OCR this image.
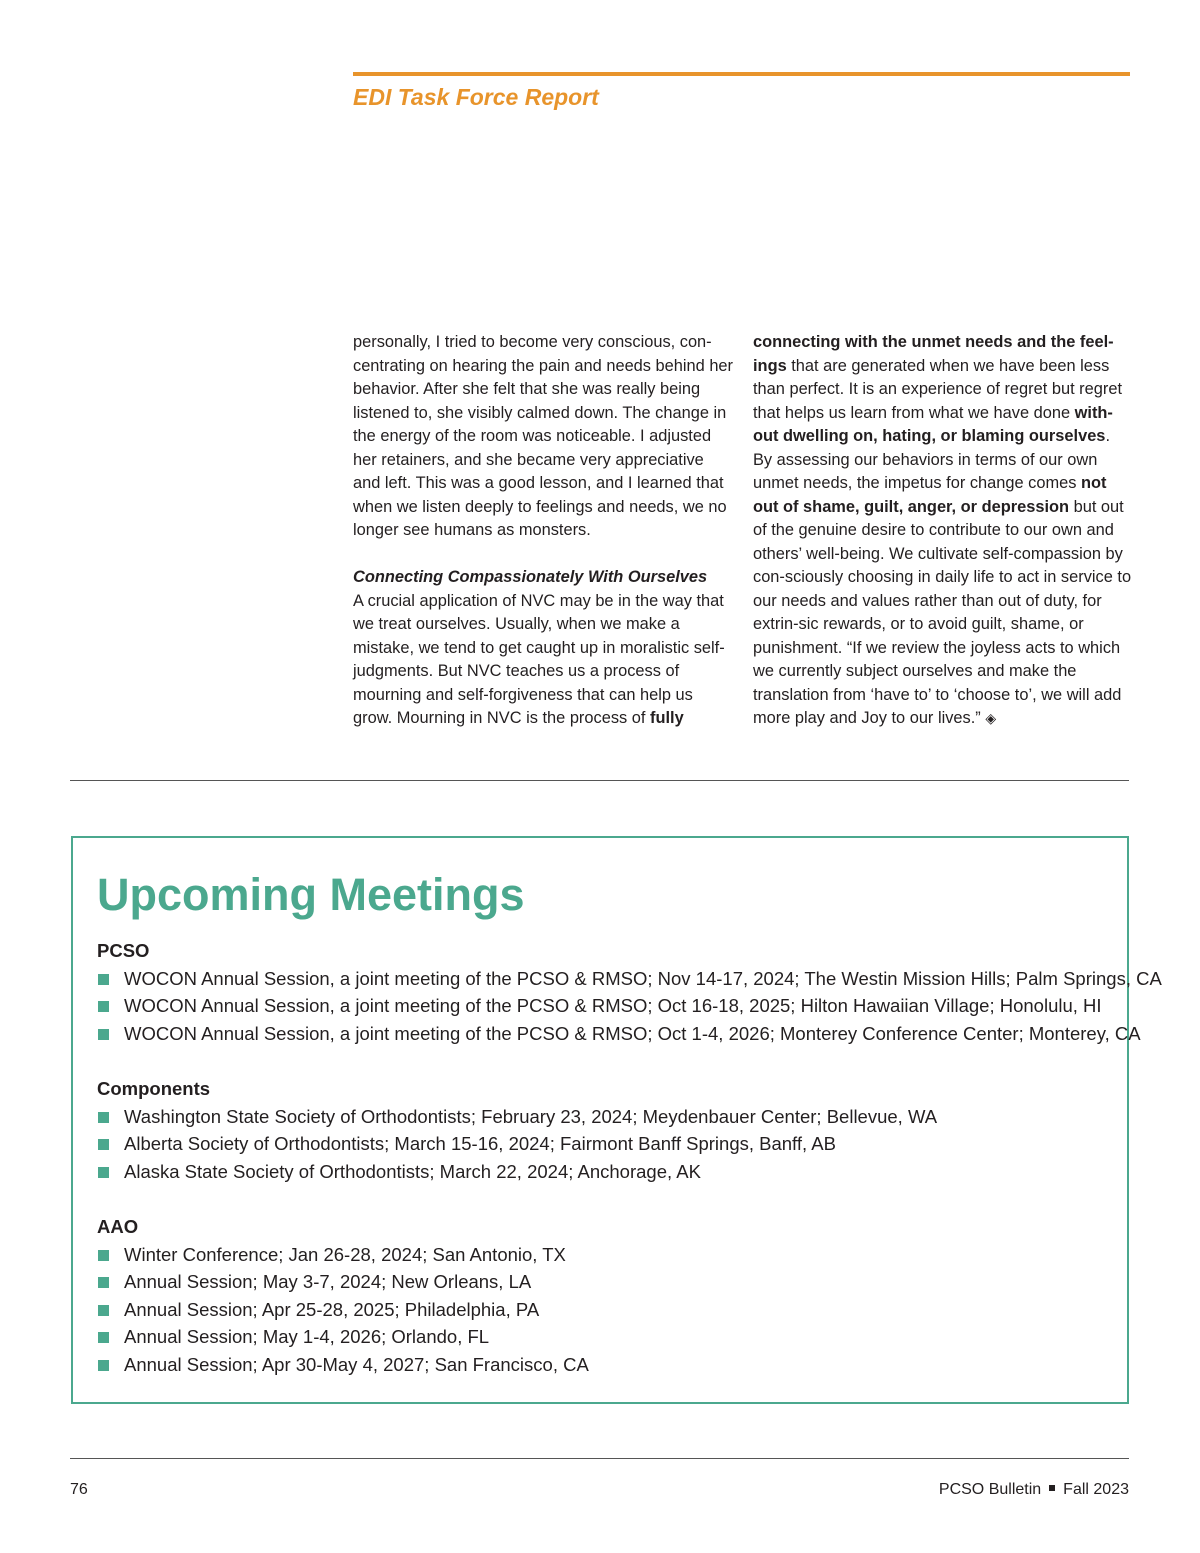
EDI Task Force Report

personally, I tried to become very conscious, con-centrating on hearing the pain and needs behind her behavior. After she felt that she was really being listened to, she visibly calmed down. The change in the energy of the room was noticeable. I adjusted her retainers, and she became very appreciative and left. This was a good lesson, and I learned that when we listen deeply to feelings and needs, we no longer see humans as monsters.

Connecting Compassionately With Ourselves

A crucial application of NVC may be in the way that we treat ourselves. Usually, when we make a mistake, we tend to get caught up in moralistic self-judgments. But NVC teaches us a process of mourning and self-forgiveness that can help us grow. Mourning in NVC is the process of fully

connecting with the unmet needs and the feel-ings that are generated when we have been less than perfect. It is an experience of regret but regret that helps us learn from what we have done with-out dwelling on, hating, or blaming ourselves. By assessing our behaviors in terms of our own unmet needs, the impetus for change comes not out of shame, guilt, anger, or depression but out of the genuine desire to contribute to our own and others’ well-being. We cultivate self-compassion by con-sciously choosing in daily life to act in service to our needs and values rather than out of duty, for extrin-sic rewards, or to avoid guilt, shame, or punishment. “If we review the joyless acts to which we currently subject ourselves and make the translation from ‘have to’ to ‘choose to’, we will add more play and Joy to our lives.” ◈

Upcoming Meetings
PCSO
WOCON Annual Session, a joint meeting of the PCSO & RMSO; Nov 14-17, 2024; The Westin Mission Hills; Palm Springs, CA
WOCON Annual Session, a joint meeting of the PCSO & RMSO; Oct 16-18, 2025; Hilton Hawaiian Village; Honolulu, HI
WOCON Annual Session, a joint meeting of the PCSO & RMSO; Oct 1-4, 2026; Monterey Conference Center; Monterey, CA
Components
Washington State Society of Orthodontists; February 23, 2024; Meydenbauer Center; Bellevue, WA
Alberta Society of Orthodontists; March 15-16, 2024; Fairmont Banff Springs, Banff, AB
Alaska State Society of Orthodontists; March 22, 2024; Anchorage, AK
AAO
Winter Conference; Jan 26-28, 2024; San Antonio, TX
Annual Session; May 3-7, 2024; New Orleans, LA
Annual Session; Apr 25-28, 2025; Philadelphia, PA
Annual Session; May 1-4, 2026; Orlando, FL
Annual Session; Apr 30-May 4, 2027; San Francisco, CA
76	PCSO Bulletin Fall 2023
